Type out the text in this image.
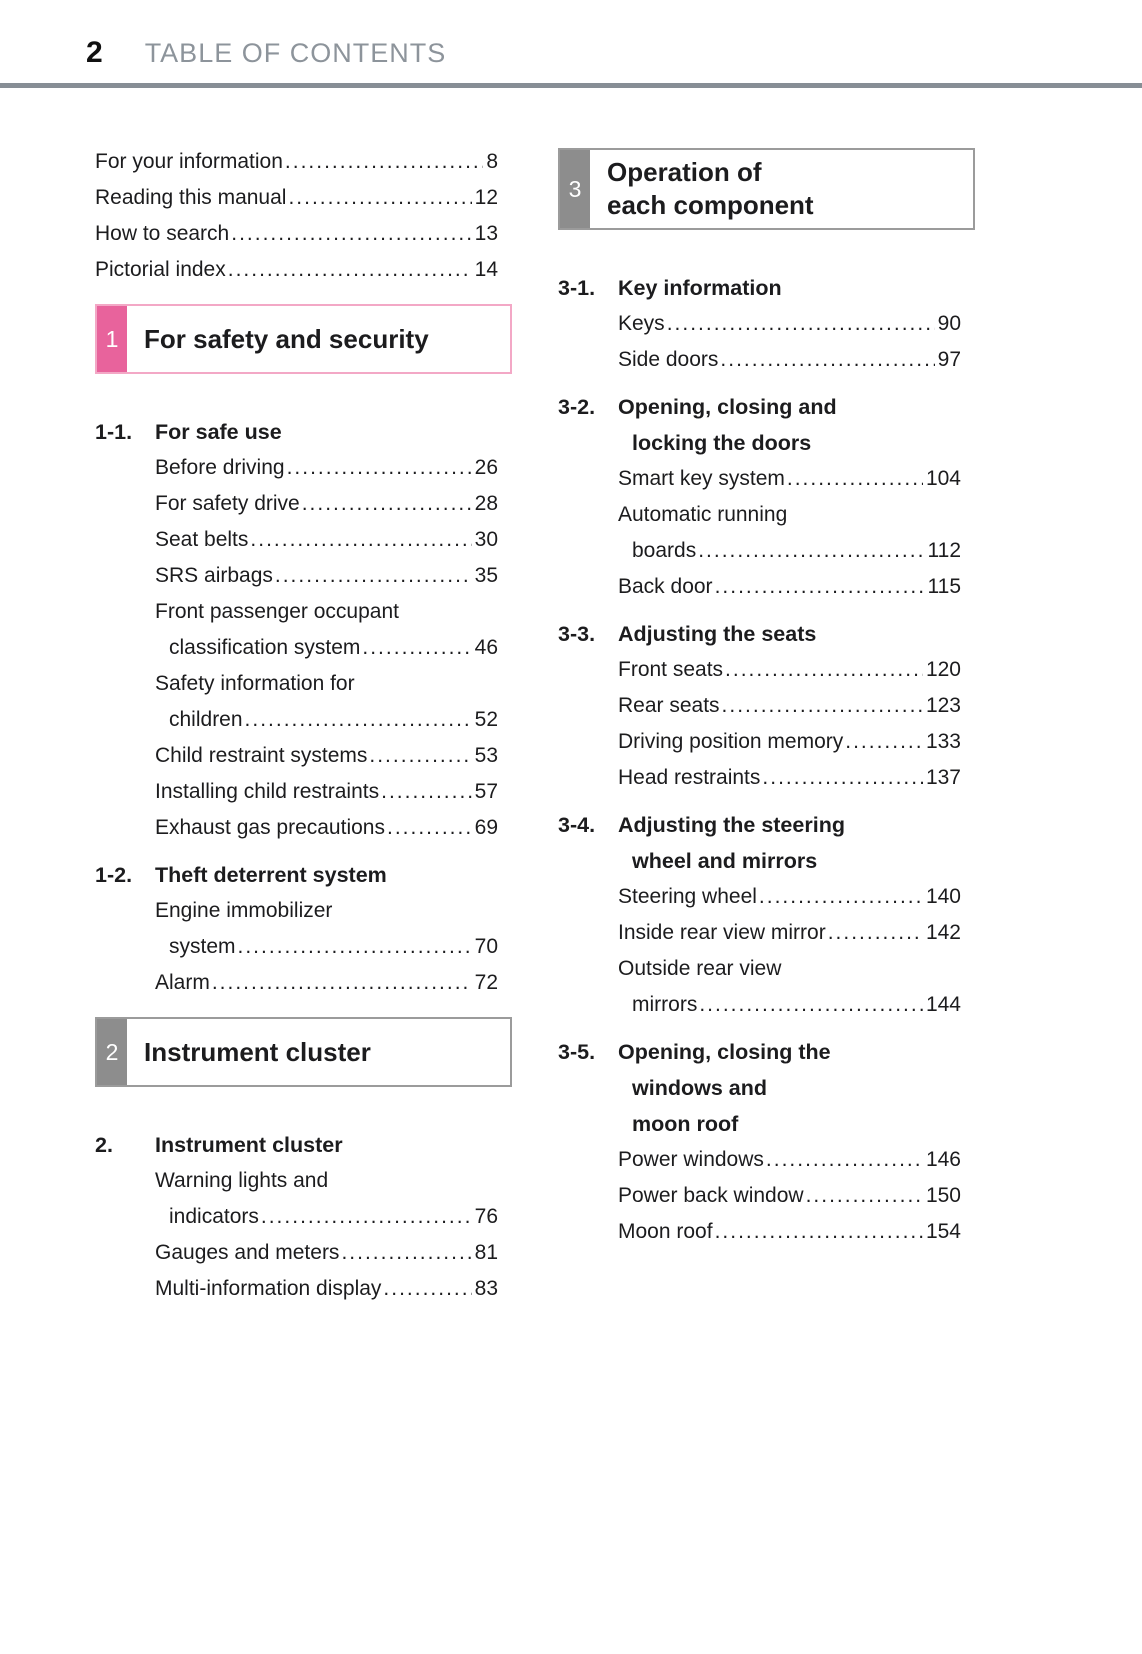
2 TABLE OF CONTENTS
For your information .....	8
Reading this manual .....	12
How to search .....	13
Pictorial index .....	14
1 For safety and security
1-1.	For safe use
Before driving .....	26
For safety drive .....	28
Seat belts .....	30
SRS airbags .....	35
Front passenger occupant
classification system .....	46
Safety information for
children .....	52
Child restraint systems .....	53
Installing child restraints .....	57
Exhaust gas precautions .....	69
1-2.	Theft deterrent system
Engine immobilizer
system .....	70
Alarm .....	72
2 Instrument cluster
2.	Instrument cluster
Warning lights and
indicators .....	76
Gauges and meters .....	81
Multi-information display .....	83
3
Operation of
each component
3-1.	Key information
Keys .....	90
Side doors .....	97
3-2.	Opening, closing and
locking the doors
Smart key system .....	104
Automatic running
boards .....	112
Back door .....	115
3-3.	Adjusting the seats
Front seats .....	120
Rear seats .....	123
Driving position memory .....	133
Head restraints .....	137
3-4.	Adjusting the steering
wheel and mirrors
Steering wheel .....	140
Inside rear view mirror .....	142
Outside rear view
mirrors .....	144
3-5.	Opening, closing the
windows and
moon roof
Power windows .....	146
Power back window .....	150
Moon roof .....	154
